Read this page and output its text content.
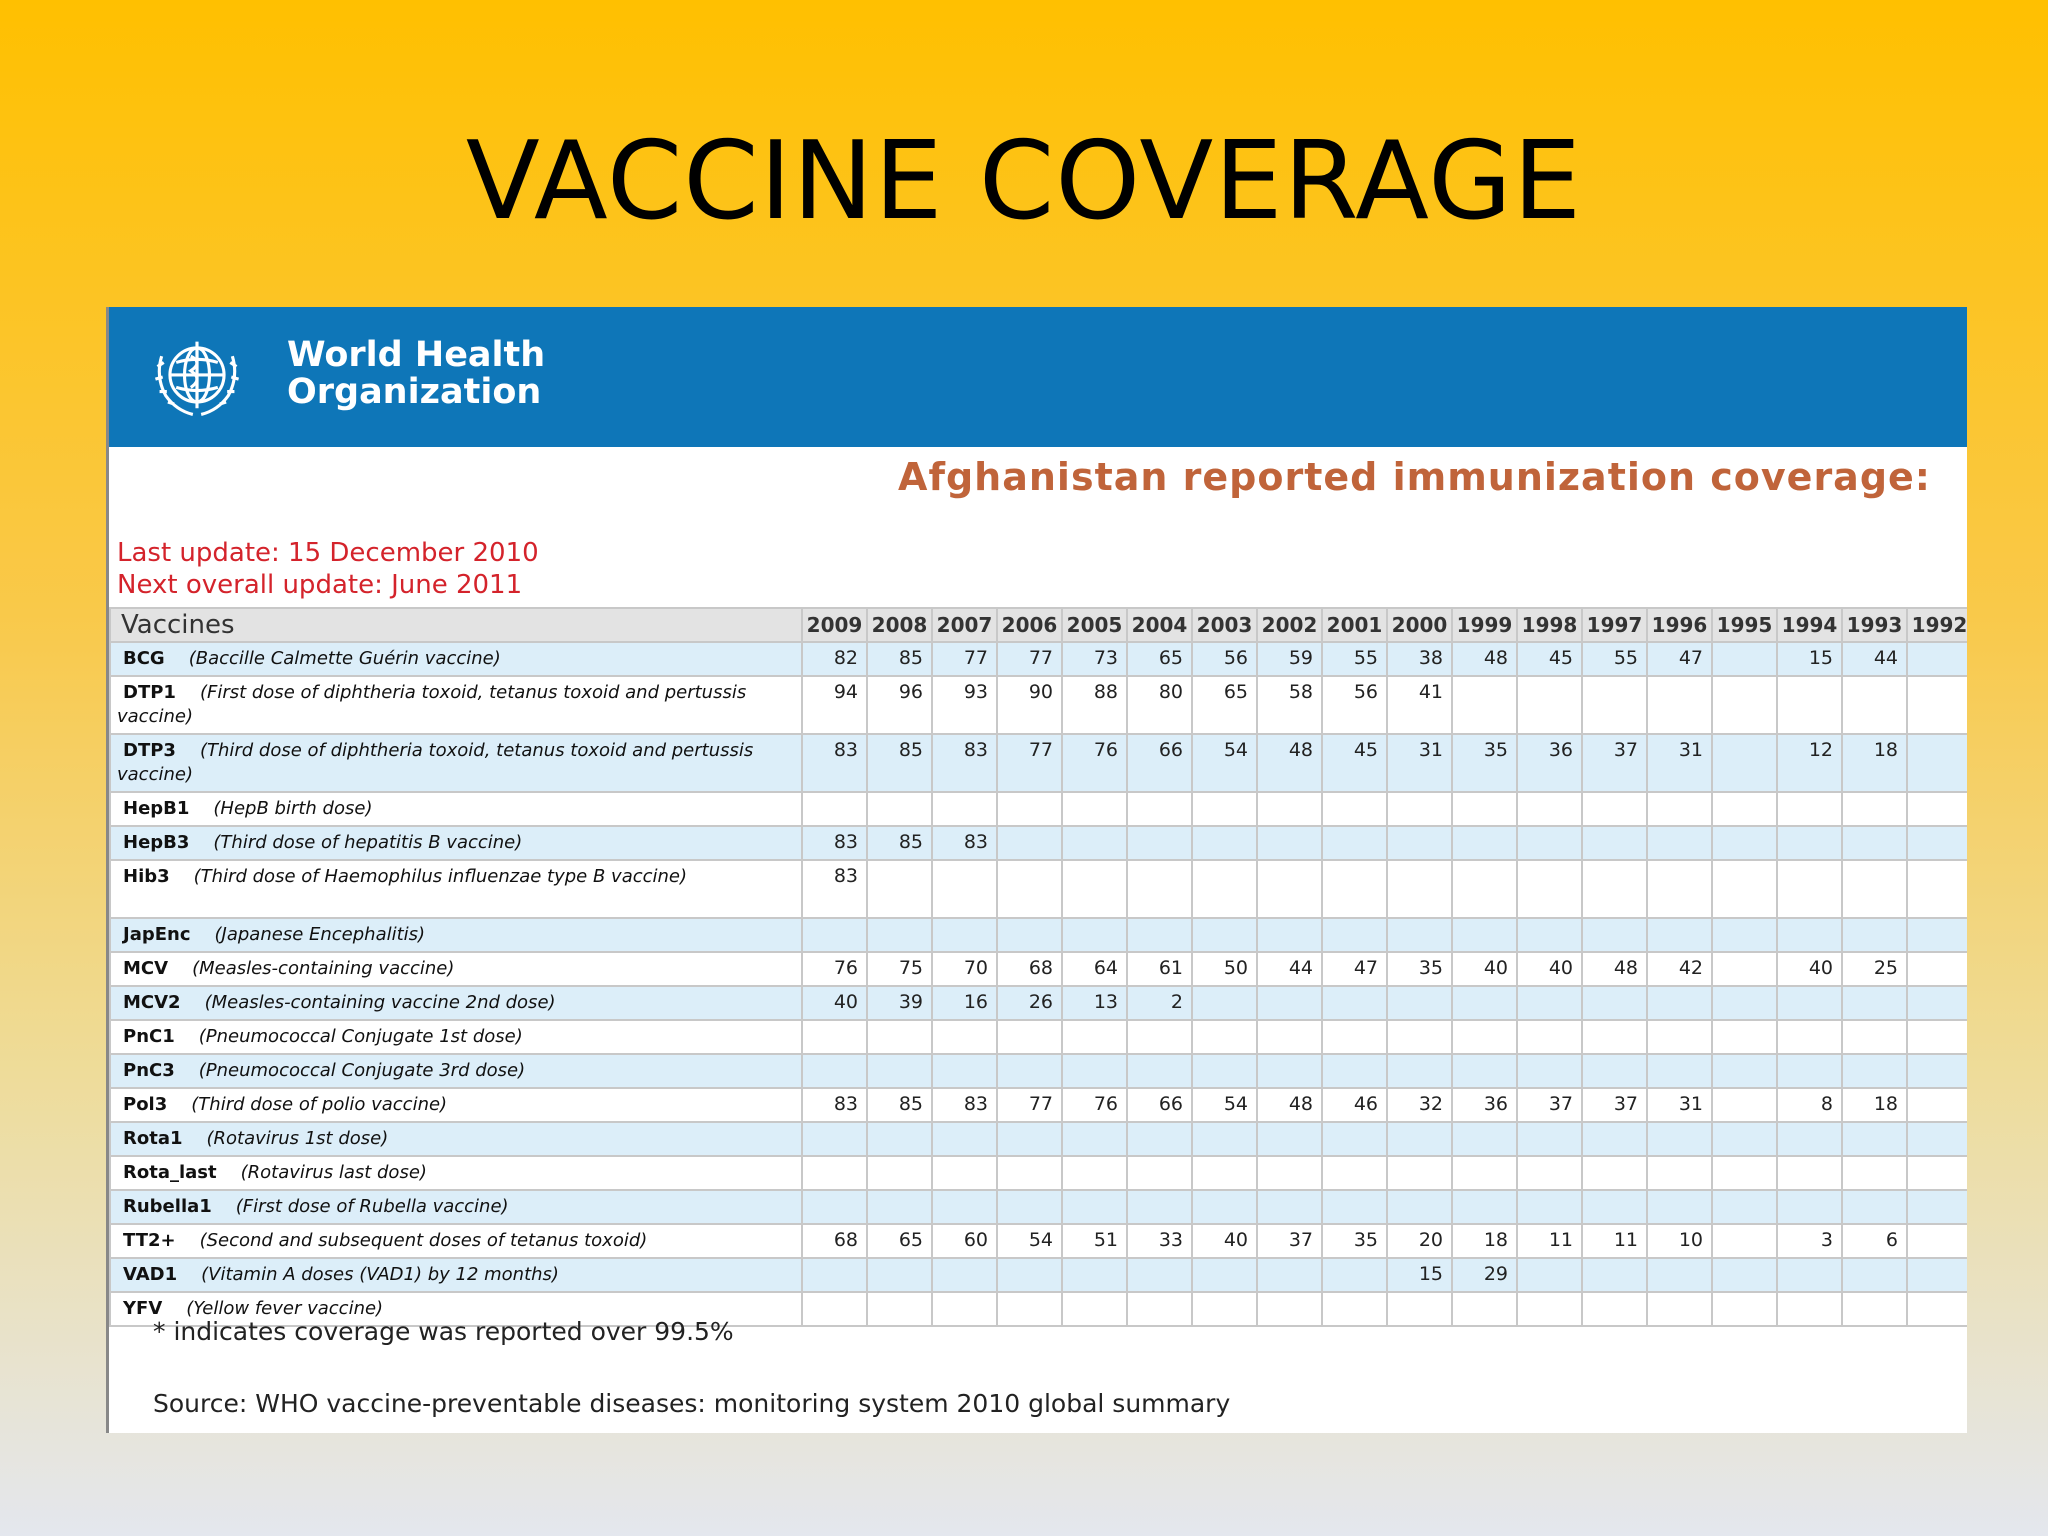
VACCINE COVERAGE
World Health
Organization
Afghanistan reported immunization coverage:
Last update: 15 December 2010
Next overall update: June 2011
Vaccines	2009	2008	2007	2006	2005	2004	2003	2002	2001	2000	1999	1998	1997	1996	1995	1994	1993	1992
BCG (Baccille Calmette Guérin vaccine)	82	85	77	77	73	65	56	59	55	38	48	45	55	47		15	44	
DTP1 (First dose of diphtheria toxoid, tetanus toxoid and pertussis vaccine)	94	96	93	90	88	80	65	58	56	41								
DTP3 (Third dose of diphtheria toxoid, tetanus toxoid and pertussis vaccine)	83	85	83	77	76	66	54	48	45	31	35	36	37	31		12	18	
HepB1 (HepB birth dose)																		
HepB3 (Third dose of hepatitis B vaccine)	83	85	83															
Hib3 (Third dose of Haemophilus influenzae type B vaccine)	83																	
JapEnc (Japanese Encephalitis)																		
MCV (Measles-containing vaccine)	76	75	70	68	64	61	50	44	47	35	40	40	48	42		40	25	
MCV2 (Measles-containing vaccine 2nd dose)	40	39	16	26	13	2												
PnC1 (Pneumococcal Conjugate 1st dose)																		
PnC3 (Pneumococcal Conjugate 3rd dose)																		
Pol3 (Third dose of polio vaccine)	83	85	83	77	76	66	54	48	46	32	36	37	37	31		8	18	
Rota1 (Rotavirus 1st dose)																		
Rota_last (Rotavirus last dose)																		
Rubella1 (First dose of Rubella vaccine)																		
TT2+ (Second and subsequent doses of tetanus toxoid)	68	65	60	54	51	33	40	37	35	20	18	11	11	10		3	6	
VAD1 (Vitamin A doses (VAD1) by 12 months)										15	29							
YFV (Yellow fever vaccine)																		
* indicates coverage was reported over 99.5%
Source: WHO vaccine-preventable diseases: monitoring system 2010 global summary
